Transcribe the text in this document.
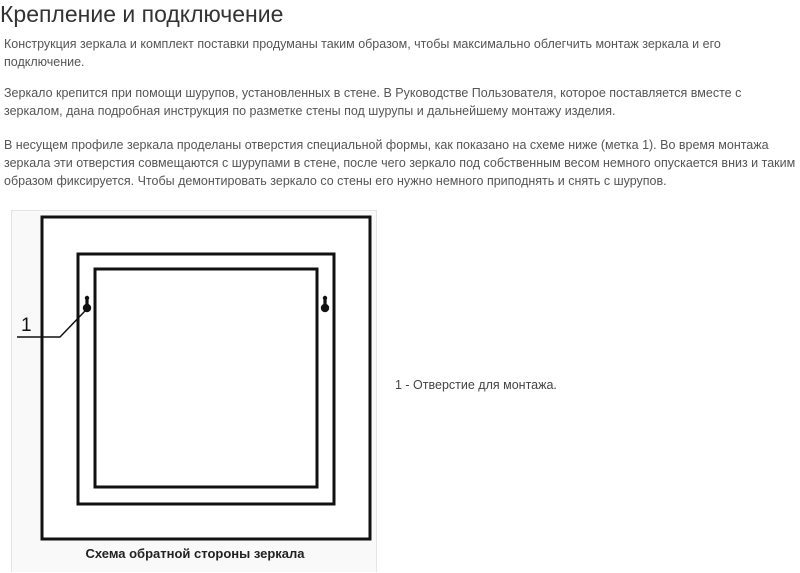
Крепление и подключение

Конструкция зеркала и комплект поставки продуманы таким образом, чтобы максимально облегчить монтаж зеркала и его подключение.

Зеркало крепится при помощи шурупов, установленных в стене. В Руководстве Пользователя, которое поставляется вместе с зеркалом, дана подробная инструкция по разметке стены под шурупы и дальнейшему монтажу изделия.

В несущем профиле зеркала проделаны отверстия специальной формы, как показано на схеме ниже (метка 1). Во время монтажа зеркала эти отверстия совмещаются с шурупами в стене, после чего зеркало под собственным весом немного опускается вниз и таким образом фиксируется. Чтобы демонтировать зеркало со стены его нужно немного приподнять и снять с шурупов.

1
Схема обратной стороны зеркала
1 - Отверстие для монтажа.
